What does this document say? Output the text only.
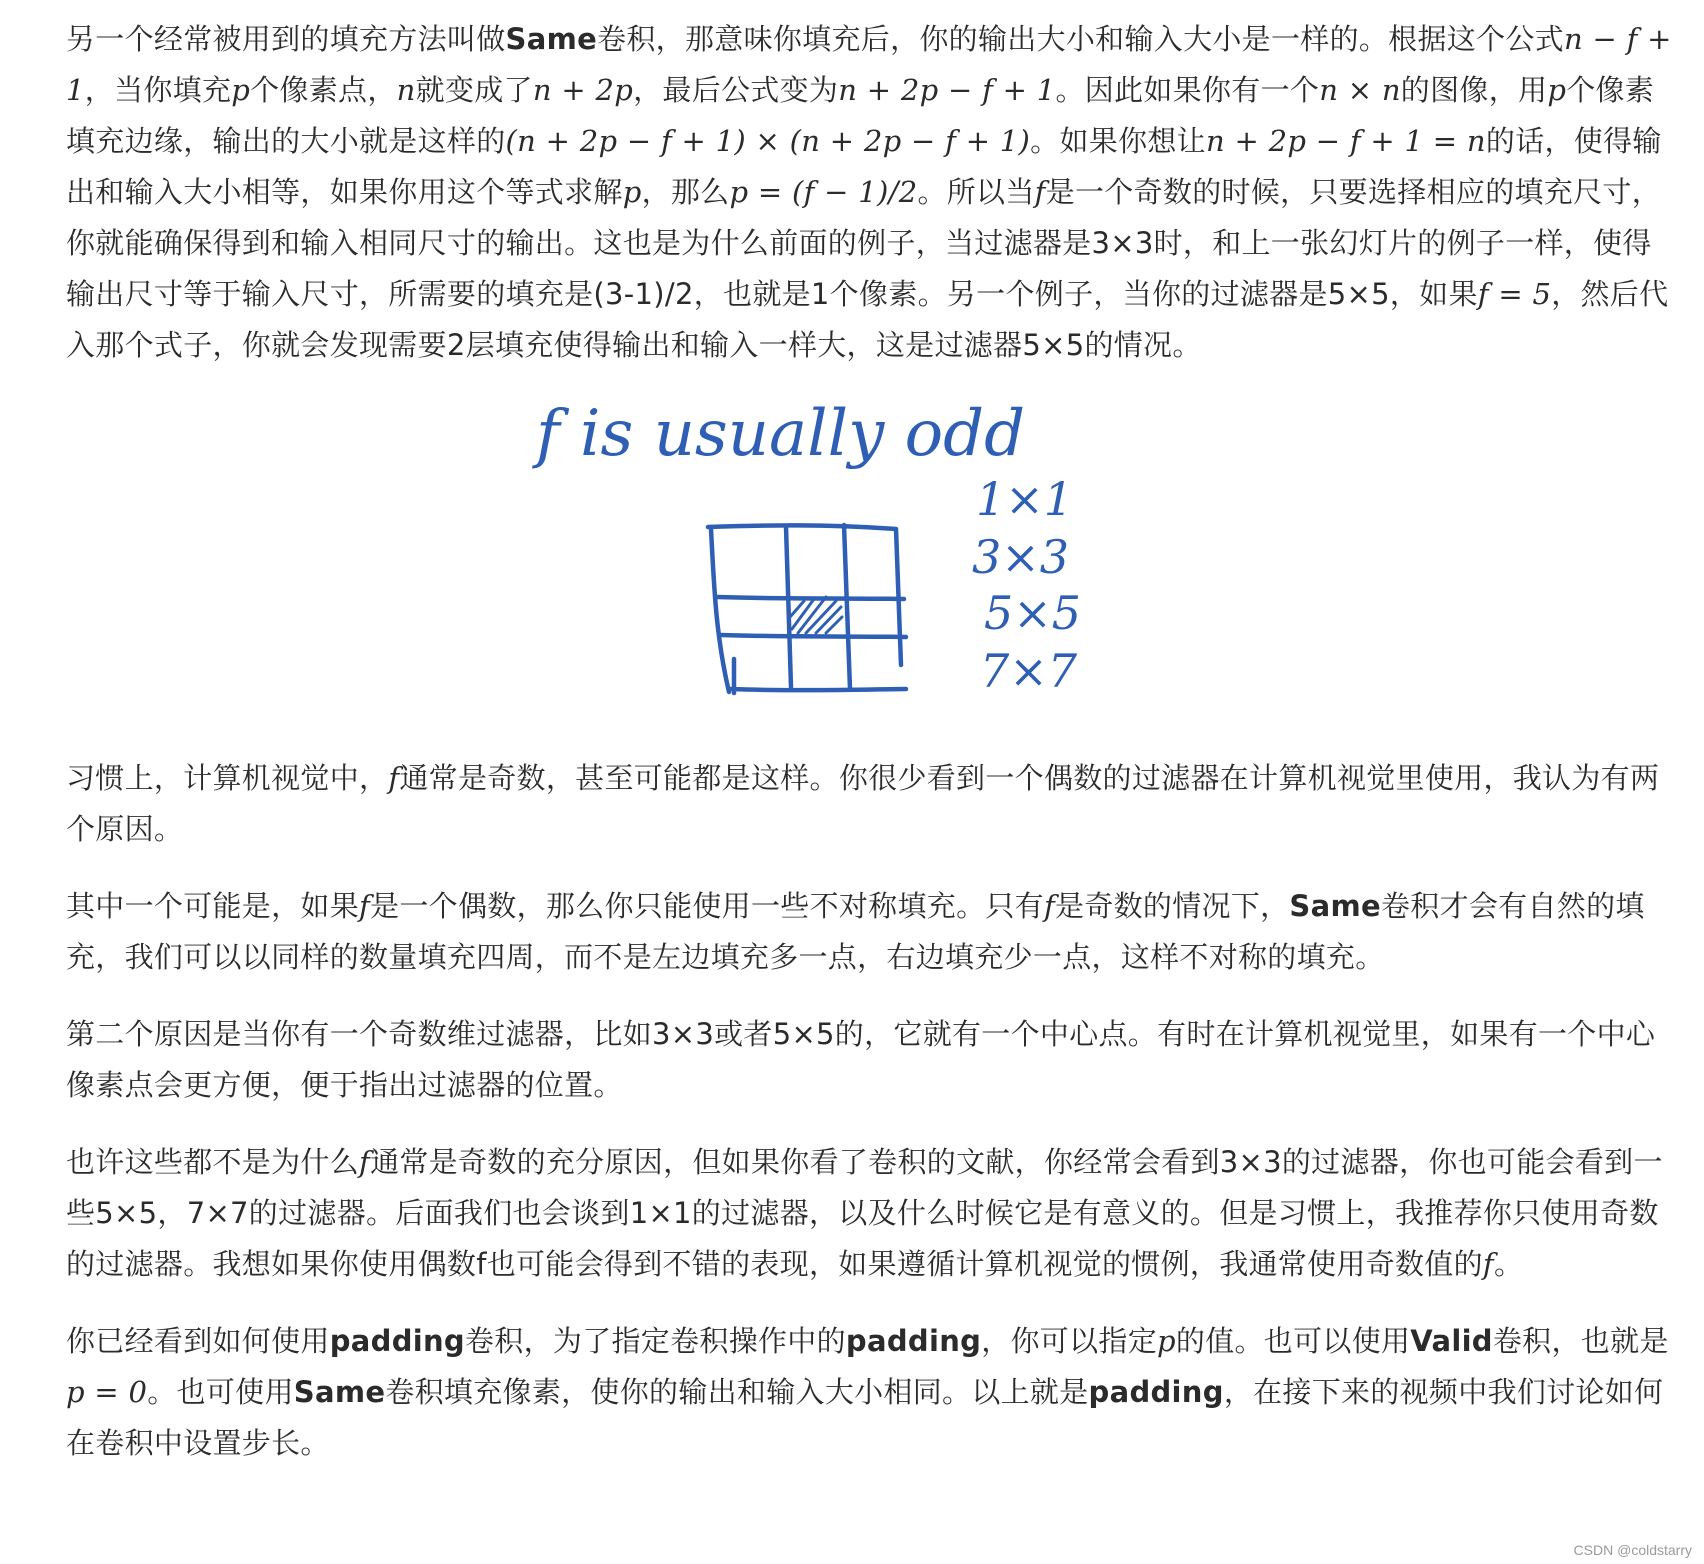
另一个经常被用到的填充方法叫做Same卷积，那意味你填充后，你的输出大小和输入大小是一样的。根据这个公式n − f + 1，当你填充p个像素点，n就变成了n + 2p，最后公式变为n + 2p − f + 1。因此如果你有一个n × n的图像，用p个像素填充边缘，输出的大小就是这样的(n + 2p − f + 1) × (n + 2p − f + 1)。如果你想让n + 2p − f + 1 = n的话，使得输出和输入大小相等，如果你用这个等式求解p，那么p = (f − 1)/2。所以当f是一个奇数的时候，只要选择相应的填充尺寸，你就能确保得到和输入相同尺寸的输出。这也是为什么前面的例子，当过滤器是3×3时，和上一张幻灯片的例子一样，使得输出尺寸等于输入尺寸，所需要的填充是(3-1)/2，也就是1个像素。另一个例子，当你的过滤器是5×5，如果f = 5，然后代入那个式子，你就会发现需要2层填充使得输出和输入一样大，这是过滤器5×5的情况。

f is usually odd
1×1
3×3
5×5
7×7

习惯上，计算机视觉中，f通常是奇数，甚至可能都是这样。你很少看到一个偶数的过滤器在计算机视觉里使用，我认为有两个原因。

其中一个可能是，如果f是一个偶数，那么你只能使用一些不对称填充。只有f是奇数的情况下，Same卷积才会有自然的填充，我们可以以同样的数量填充四周，而不是左边填充多一点，右边填充少一点，这样不对称的填充。

第二个原因是当你有一个奇数维过滤器，比如3×3或者5×5的，它就有一个中心点。有时在计算机视觉里，如果有一个中心像素点会更方便，便于指出过滤器的位置。

也许这些都不是为什么f通常是奇数的充分原因，但如果你看了卷积的文献，你经常会看到3×3的过滤器，你也可能会看到一些5×5，7×7的过滤器。后面我们也会谈到1×1的过滤器，以及什么时候它是有意义的。但是习惯上，我推荐你只使用奇数的过滤器。我想如果你使用偶数f也可能会得到不错的表现，如果遵循计算机视觉的惯例，我通常使用奇数值的f。

你已经看到如何使用padding卷积，为了指定卷积操作中的padding，你可以指定p的值。也可以使用Valid卷积，也就是p = 0。也可使用Same卷积填充像素，使你的输出和输入大小相同。以上就是padding，在接下来的视频中我们讨论如何在卷积中设置步长。

CSDN @coldstarry
